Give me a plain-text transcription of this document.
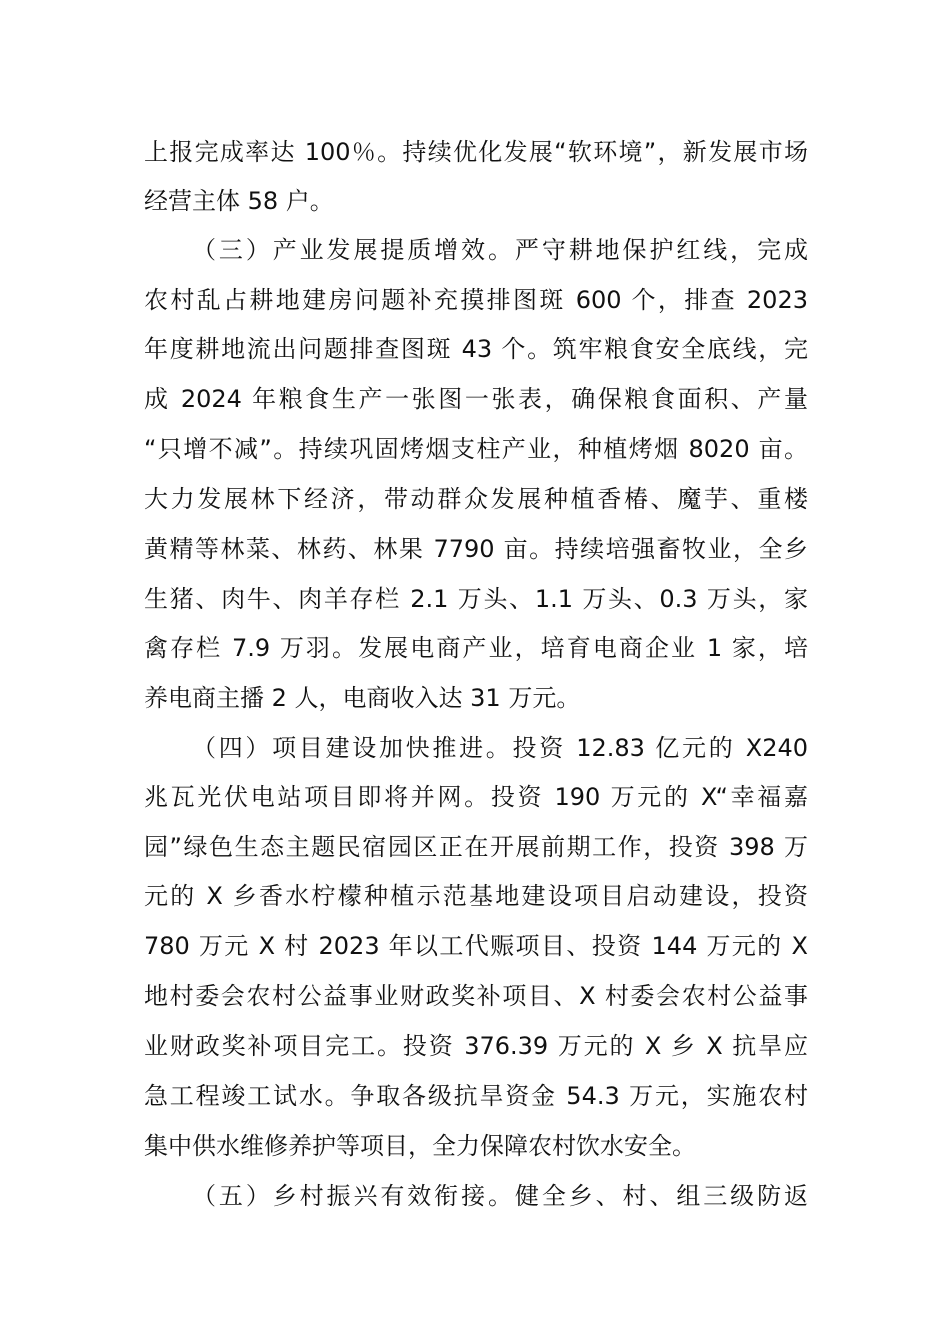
上报完成率达 100％。持续优化发展“软环境”，新发展市场
经营主体 58 户。
（三）产业发展提质增效。严守耕地保护红线，完成
农村乱占耕地建房问题补充摸排图斑 600 个，排查 2023
年度耕地流出问题排查图斑 43 个。筑牢粮食安全底线，完
成 2024 年粮食生产一张图一张表，确保粮食面积、产量
“只增不减”。持续巩固烤烟支柱产业，种植烤烟 8020 亩。
大力发展林下经济，带动群众发展种植香椿、魔芋、重楼
黄精等林菜、林药、林果 7790 亩。持续培强畜牧业，全乡
生猪、肉牛、肉羊存栏 2.1 万头、1.1 万头、0.3 万头，家
禽存栏 7.9 万羽。发展电商产业，培育电商企业 1 家，培
养电商主播 2 人，电商收入达 31 万元。
（四）项目建设加快推进。投资 12.83 亿元的 X240
兆瓦光伏电站项目即将并网。投资 190 万元的 X“幸福嘉
园”绿色生态主题民宿园区正在开展前期工作，投资 398 万
元的 X 乡香水柠檬种植示范基地建设项目启动建设，投资
780 万元 X 村 2023 年以工代赈项目、投资 144 万元的 X
地村委会农村公益事业财政奖补项目、X 村委会农村公益事
业财政奖补项目完工。投资 376.39 万元的 X 乡 X 抗旱应
急工程竣工试水。争取各级抗旱资金 54.3 万元，实施农村
集中供水维修养护等项目，全力保障农村饮水安全。
（五）乡村振兴有效衔接。健全乡、村、组三级防返
